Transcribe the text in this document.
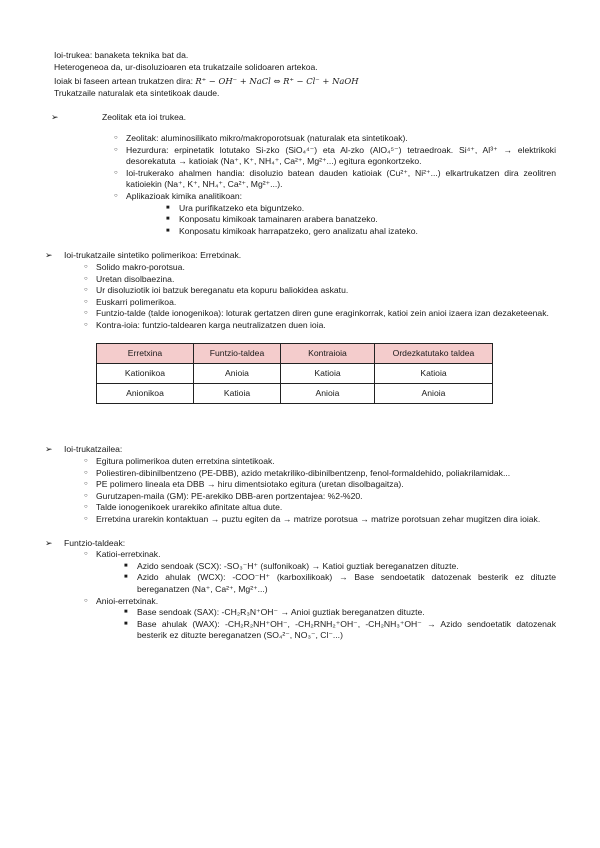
Ioi-trukea: banaketa teknika bat da.

Heterogeneoa da, ur-disoluzioaren eta trukatzaile solidoaren artekoa.

Ioiak bi faseen artean trukatzen dira: R⁺ − OH⁻ + NaCl ⇔ R⁺ − Cl⁻ + NaOH

Trukatzaile naturalak eta sintetikoak daude.

➢	Zeolitak eta ioi trukea.

○ Zeolitak: aluminosilikato mikro/makroporotsuak (naturalak eta sintetikoak).
○ Hezurdura: erpinetatik lotutako Si-zko (SiO₄⁴⁻) eta Al-zko (AlO₄⁵⁻) tetraedroak. Si⁴⁺, Al³⁺ → elektrikoki desorekatuta → katioiak (Na⁺, K⁺, NH₄⁺, Ca²⁺, Mg²⁺...) egitura egonkortzeko.
○ Ioi-trukerako ahalmen handia: disoluzio batean dauden katioiak (Cu²⁺, Ni²⁺...) elkartrukatzen dira zeolitren katioiekin (Na⁺, K⁺, NH₄⁺, Ca²⁺, Mg²⁺...).
○ Aplikazioak kimika analitikoan:
■ Ura purifikatzeko eta biguntzeko.
■ Konposatu kimikoak tamainaren arabera banatzeko.
■ Konposatu kimikoak harrapatzeko, gero analizatu ahal izateko.
➢ Ioi-trukatzaile sintetiko polimerikoa: Erretxinak.

○ Solido makro-porotsua.
○ Uretan disolbaezina.
○ Ur disoluziotik ioi batzuk bereganatu eta kopuru baliokidea askatu.
○ Euskarri polimerikoa.
○ Funtzio-talde (talde ionogenikoa): loturak gertatzen diren gune eraginkorrak, katioi zein anioi izaera izan dezaketeenak.
○ Kontra-ioia: funtzio-taldearen karga neutralizatzen duen ioia.
Erretxina	Funtzio-taldea	Kontraioia	Ordezkatutako taldea
Kationikoa	Anioia	Katioia	Katioia
Anionikoa	Katioia	Anioia	Anioia
➢ Ioi-trukatzailea:

○ Egitura polimerikoa duten erretxina sintetikoak.
○ Poliestiren-dibinilbentzeno (PE-DBB), azido metakriliko-dibinilbentzenp, fenol-formaldehido, poliakrilamidak...
○ PE polimero lineala eta DBB → hiru dimentsiotako egitura (uretan disolbagaitza).
○ Gurutzapen-maila (GM): PE-arekiko DBB-aren portzentajea: %2-%20.
○ Talde ionogenikoek urarekiko afinitate altua dute.
○ Erretxina urarekin kontaktuan → puztu egiten da → matrize porotsua → matrize porotsuan zehar mugitzen dira ioiak.
➢ Funtzio-taldeak:

○ Katioi-erretxinak.
■ Azido sendoak (SCX): -SO₃⁻H⁺ (sulfonikoak) → Katioi guztiak bereganatzen dituzte.
■ Azido ahulak (WCX): -COO⁻H⁺ (karboxilikoak) → Base sendoetatik datozenak besterik ez dituzte bereganatzen (Na⁺, Ca²⁺, Mg²⁺...)
○ Anioi-erretxinak.
■ Base sendoak (SAX): -CH₂R₃N⁺OH⁻ → Anioi guztiak bereganatzen dituzte.
■ Base ahulak (WAX): -CH₂R₂NH⁺OH⁻, -CH₂RNH₂⁺OH⁻, -CH₂NH₃⁺OH⁻ → Azido sendoetatik datozenak besterik ez dituzte bereganatzen (SO₄²⁻, NO₃⁻, Cl⁻...)
